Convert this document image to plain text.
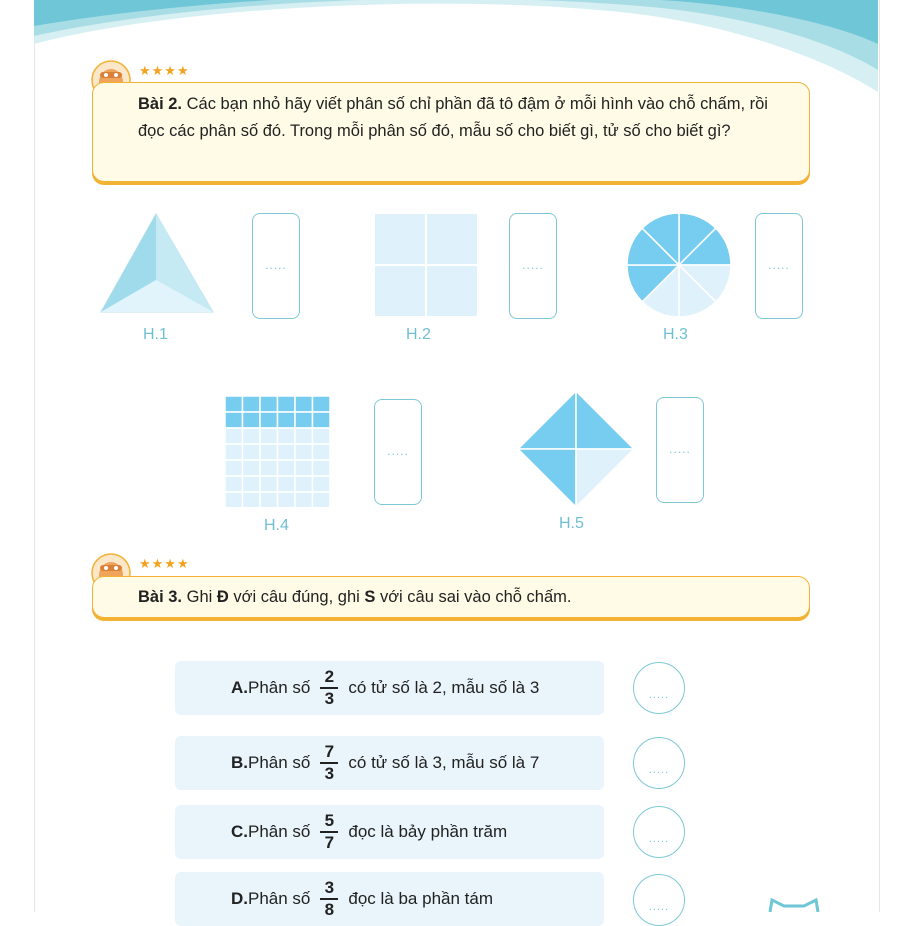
★★★★
Bài 2. Các bạn nhỏ hãy viết phân số chỉ phần đã tô đậm ở mỗi hình vào chỗ chấm, rồi đọc các phân số đó. Trong mỗi phân số đó, mẫu số cho biết gì, tử số cho biết gì?
.....
H.1
.....
H.2
.....
H.3
.....
H.4
.....
H.5
★★★★
Bài 3. Ghi Đ với câu đúng, ghi S với câu sai vào chỗ chấm.
A. Phân số $\frac{2}{3}$ có tử số là 2, mẫu số là 3	.....
B. Phân số $\frac{7}{3}$ có tử số là 3, mẫu số là 7	.....
C. Phân số $\frac{5}{7}$ đọc là bảy phần trăm	.....
D. Phân số $\frac{3}{8}$ đọc là ba phần tám	.....
